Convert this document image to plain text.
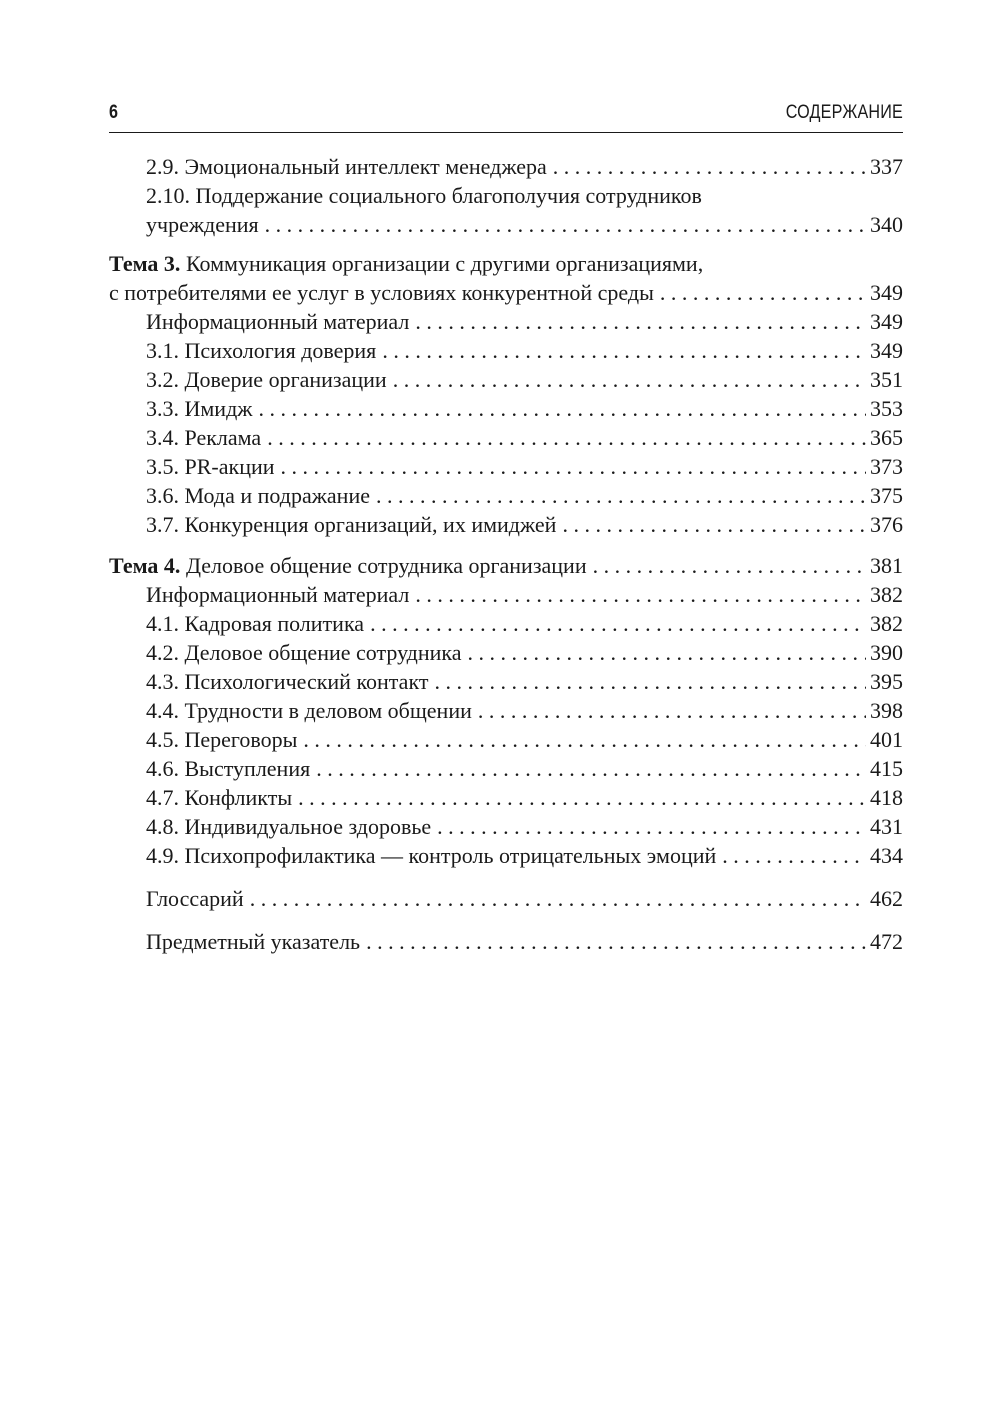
6	СОДЕРЖАНИЕ
2.9. Эмоциональный интеллект менеджера . . .	337
2.10. Поддержание социального благополучия сотрудников
учреждения . . .	340
Тема 3. Коммуникация организации с другими организациями,
с потребителями ее услуг в условиях конкурентной среды . . .	349
Информационный материал . . .	349
3.1. Психология доверия . . .	349
3.2. Доверие организации . . .	351
3.3. Имидж . . .	353
3.4. Реклама . . .	365
3.5. PR-акции . . .	373
3.6. Мода и подражание . . .	375
3.7. Конкуренция организаций, их имиджей . . .	376
Тема 4. Деловое общение сотрудника организации . . .	381
Информационный материал . . .	382
4.1. Кадровая политика . . .	382
4.2. Деловое общение сотрудника . . .	390
4.3. Психологический контакт . . .	395
4.4. Трудности в деловом общении . . .	398
4.5. Переговоры . . .	401
4.6. Выступления . . .	415
4.7. Конфликты . . .	418
4.8. Индивидуальное здоровье . . .	431
4.9. Психопрофилактика — контроль отрицательных эмоций . . .	434
Глоссарий . . .	462
Предметный указатель . . .	472
